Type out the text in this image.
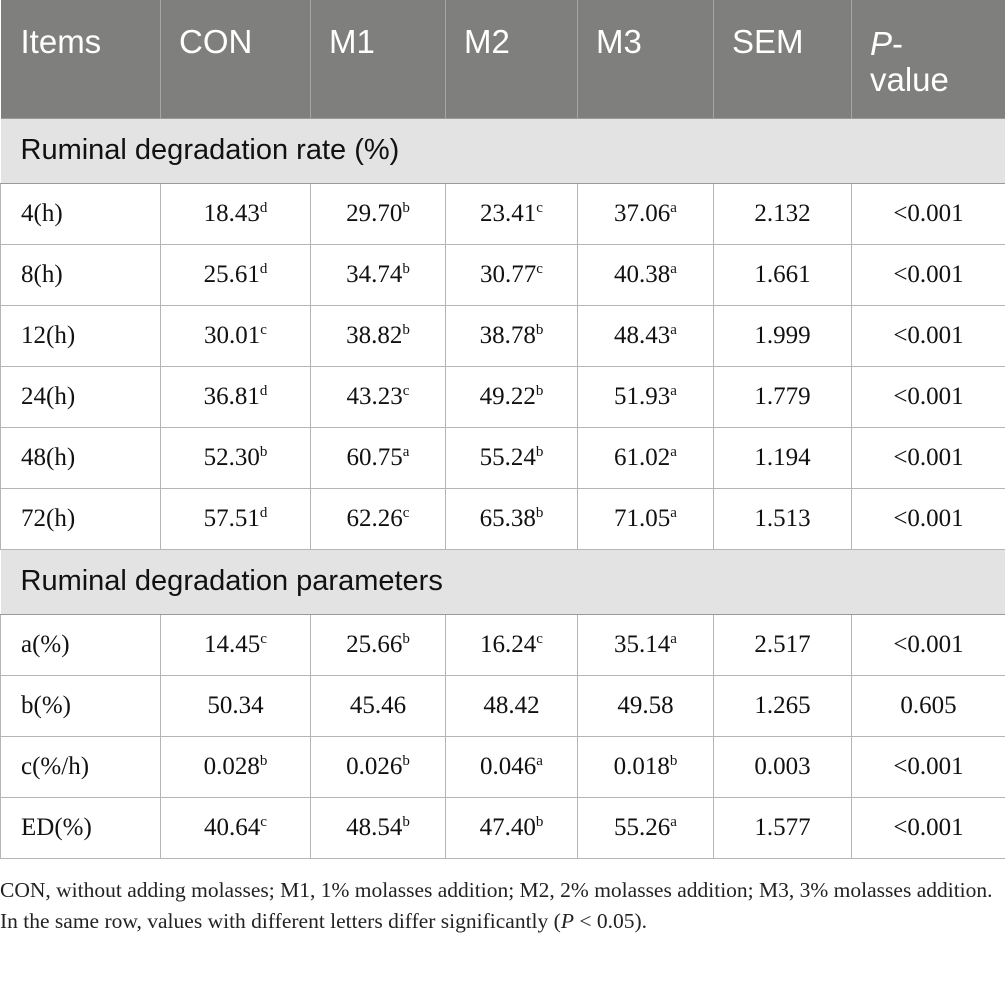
Items	CON	M1	M2	M3	SEM	P-
value
Ruminal degradation rate (%)						
4(h)	18.43$^d$	29.70$^b$	23.41$^c$	37.06$^a$	2.132	<0.001
8(h)	25.61$^d$	34.74$^b$	30.77$^c$	40.38$^a$	1.661	<0.001
12(h)	30.01$^c$	38.82$^b$	38.78$^b$	48.43$^a$	1.999	<0.001
24(h)	36.81$^d$	43.23$^c$	49.22$^b$	51.93$^a$	1.779	<0.001
48(h)	52.30$^b$	60.75$^a$	55.24$^b$	61.02$^a$	1.194	<0.001
72(h)	57.51$^d$	62.26$^c$	65.38$^b$	71.05$^a$	1.513	<0.001
Ruminal degradation parameters						
a(%)	14.45$^c$	25.66$^b$	16.24$^c$	35.14$^a$	2.517	<0.001
b(%)	50.34	45.46	48.42	49.58	1.265	0.605
c(%/h)	0.028$^b$	0.026$^b$	0.046$^a$	0.018$^b$	0.003	<0.001
ED(%)	40.64$^c$	48.54$^b$	47.40$^b$	55.26$^a$	1.577	<0.001

CON, without adding molasses; M1, 1% molasses addition; M2, 2% molasses addition; M3, 3% molasses addition.

In the same row, values with different letters differ significantly (P < 0.05).
